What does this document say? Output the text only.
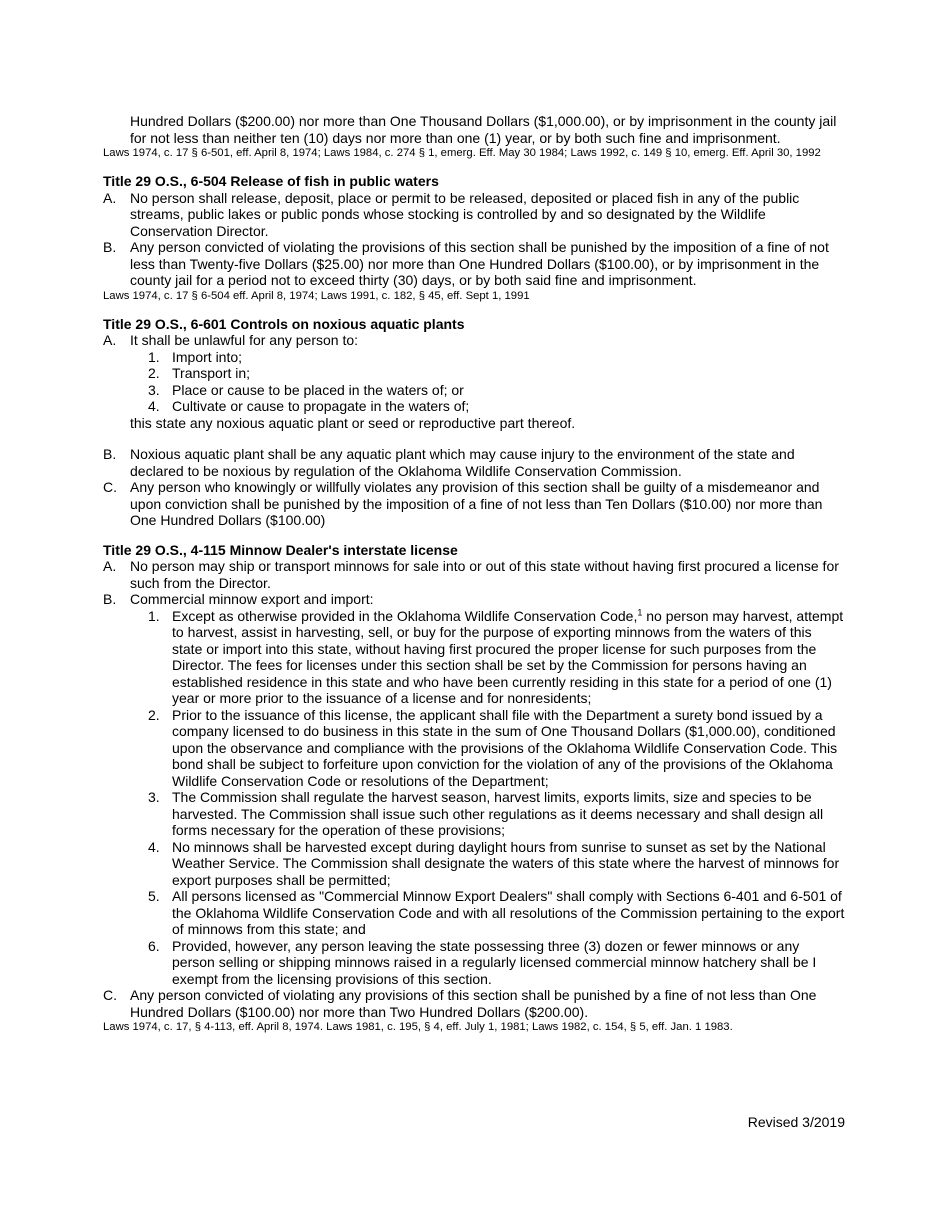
Hundred Dollars ($200.00) nor more than One Thousand Dollars ($1,000.00), or by imprisonment in the county jail for not less than neither ten (10) days nor more than one (1) year, or by both such fine and imprisonment.

Laws 1974, c. 17 § 6-501, eff. April 8, 1974; Laws 1984, c. 274 § 1, emerg. Eff. May 30 1984; Laws 1992, c. 149 § 10, emerg. Eff. April 30, 1992

Title 29 O.S., 6-504 Release of fish in public waters
A. No person shall release, deposit, place or permit to be released, deposited or placed fish in any of the public streams, public lakes or public ponds whose stocking is controlled by and so designated by the Wildlife Conservation Director.
B. Any person convicted of violating the provisions of this section shall be punished by the imposition of a fine of not less than Twenty-five Dollars ($25.00) nor more than One Hundred Dollars ($100.00), or by imprisonment in the county jail for a period not to exceed thirty (30) days, or by both said fine and imprisonment.

Laws 1974, c. 17 § 6-504 eff. April 8, 1974; Laws 1991, c. 182, § 45, eff. Sept 1, 1991

Title 29 O.S., 6-601 Controls on noxious aquatic plants
A. It shall be unlawful for any person to:
1. Import into;
2. Transport in;
3. Place or cause to be placed in the waters of; or
4. Cultivate or cause to propagate in the waters of;
this state any noxious aquatic plant or seed or reproductive part thereof.
B. Noxious aquatic plant shall be any aquatic plant which may cause injury to the environment of the state and declared to be noxious by regulation of the Oklahoma Wildlife Conservation Commission.
C. Any person who knowingly or willfully violates any provision of this section shall be guilty of a misdemeanor and upon conviction shall be punished by the imposition of a fine of not less than Ten Dollars ($10.00) nor more than One Hundred Dollars ($100.00)
Title 29 O.S., 4-115 Minnow Dealer's interstate license
A. No person may ship or transport minnows for sale into or out of this state without having first procured a license for such from the Director.
B. Commercial minnow export and import:
1. Except as otherwise provided in the Oklahoma Wildlife Conservation Code,$^1$ no person may harvest, attempt to harvest, assist in harvesting, sell, or buy for the purpose of exporting minnows from the waters of this state or import into this state, without having first procured the proper license for such purposes from the Director. The fees for licenses under this section shall be set by the Commission for persons having an established residence in this state and who have been currently residing in this state for a period of one (1) year or more prior to the issuance of a license and for nonresidents;
2. Prior to the issuance of this license, the applicant shall file with the Department a surety bond issued by a company licensed to do business in this state in the sum of One Thousand Dollars ($1,000.00), conditioned upon the observance and compliance with the provisions of the Oklahoma Wildlife Conservation Code. This bond shall be subject to forfeiture upon conviction for the violation of any of the provisions of the Oklahoma Wildlife Conservation Code or resolutions of the Department;
3. The Commission shall regulate the harvest season, harvest limits, exports limits, size and species to be harvested. The Commission shall issue such other regulations as it deems necessary and shall design all forms necessary for the operation of these provisions;
4. No minnows shall be harvested except during daylight hours from sunrise to sunset as set by the National Weather Service. The Commission shall designate the waters of this state where the harvest of minnows for export purposes shall be permitted;
5. All persons licensed as "Commercial Minnow Export Dealers" shall comply with Sections 6-401 and 6-501 of the Oklahoma Wildlife Conservation Code and with all resolutions of the Commission pertaining to the export of minnows from this state; and
6. Provided, however, any person leaving the state possessing three (3) dozen or fewer minnows or any person selling or shipping minnows raised in a regularly licensed commercial minnow hatchery shall be I exempt from the licensing provisions of this section.
C. Any person convicted of violating any provisions of this section shall be punished by a fine of not less than One Hundred Dollars ($100.00) nor more than Two Hundred Dollars ($200.00).

Laws 1974, c. 17, § 4-113, eff. April 8, 1974. Laws 1981, c. 195, § 4, eff. July 1, 1981; Laws 1982, c. 154, § 5, eff. Jan. 1 1983.

Revised 3/2019
